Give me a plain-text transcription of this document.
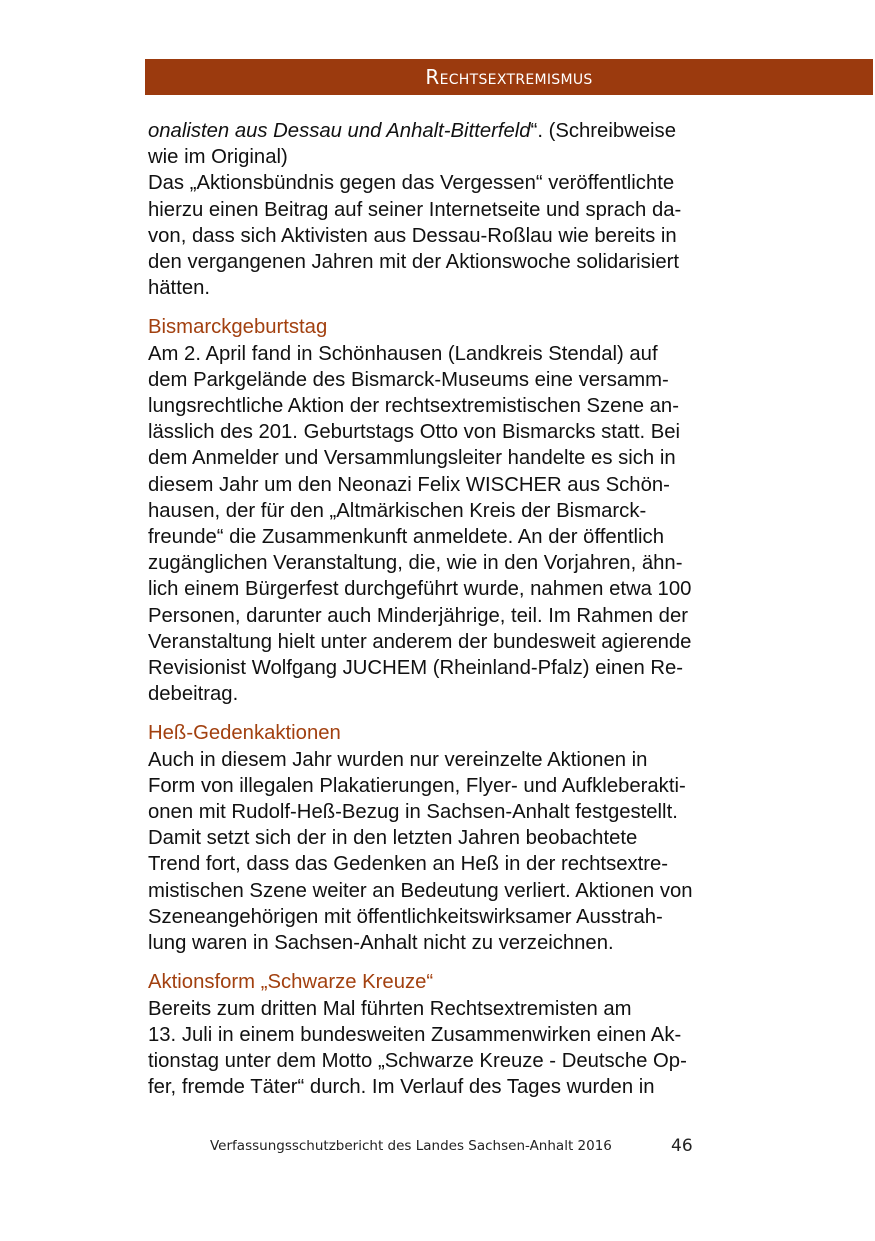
Rechtsextremismus

onalisten aus Dessau und Anhalt-Bitterfeld“. (Schreibweise

wie im Original)

Das „Aktionsbündnis gegen das Vergessen“ veröffentlichte
hierzu einen Beitrag auf seiner Internetseite und sprach da-
von, dass sich Aktivisten aus Dessau-Roßlau wie bereits in
den vergangenen Jahren mit der Aktionswoche solidarisiert
hätten.

Bismarckgeburtstag

Am 2. April fand in Schönhausen (Landkreis Stendal) auf
dem Parkgelände des Bismarck-Museums eine versamm-
lungsrechtliche Aktion der rechtsextremistischen Szene an-
lässlich des 201. Geburtstags Otto von Bismarcks statt. Bei
dem Anmelder und Versammlungsleiter handelte es sich in
diesem Jahr um den Neonazi Felix WISCHER aus Schön-
hausen, der für den „Altmärkischen Kreis der Bismarck-
freunde“ die Zusammenkunft anmeldete. An der öffentlich
zugänglichen Veranstaltung, die, wie in den Vorjahren, ähn-
lich einem Bürgerfest durchgeführt wurde, nahmen etwa 100
Personen, darunter auch Minderjährige, teil. Im Rahmen der
Veranstaltung hielt unter anderem der bundesweit agierende
Revisionist Wolfgang JUCHEM (Rheinland-Pfalz) einen Re-
debeitrag.

Heß-Gedenkaktionen

Auch in diesem Jahr wurden nur vereinzelte Aktionen in
Form von illegalen Plakatierungen, Flyer- und Aufkleberakti-
onen mit Rudolf-Heß-Bezug in Sachsen-Anhalt festgestellt.
Damit setzt sich der in den letzten Jahren beobachtete
Trend fort, dass das Gedenken an Heß in der rechtsextre-
mistischen Szene weiter an Bedeutung verliert. Aktionen von
Szeneangehörigen mit öffentlichkeitswirksamer Ausstrah-
lung waren in Sachsen-Anhalt nicht zu verzeichnen.

Aktionsform „Schwarze Kreuze“

Bereits zum dritten Mal führten Rechtsextremisten am
13. Juli in einem bundesweiten Zusammenwirken einen Ak-
tionstag unter dem Motto „Schwarze Kreuze - Deutsche Op-
fer, fremde Täter“ durch. Im Verlauf des Tages wurden in

Verfassungsschutzbericht des Landes Sachsen-Anhalt 2016	46
